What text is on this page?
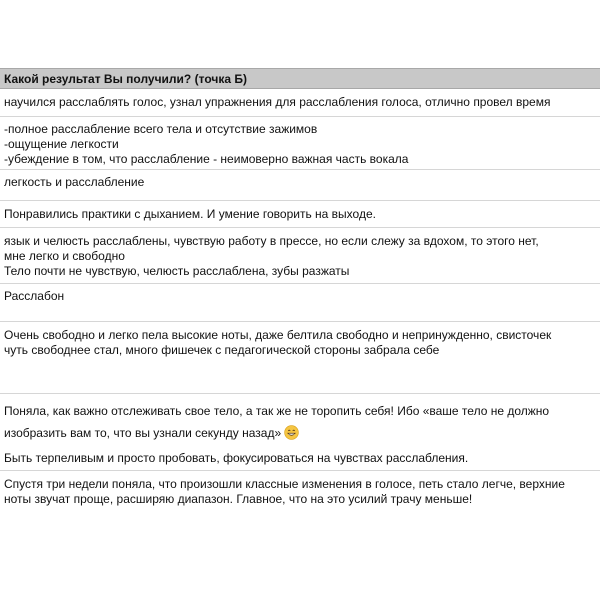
Какой результат Вы получили? (точка Б)
научился расслаблять голос, узнал упражнения для расслабления голоса, отлично провел время
-полное расслабление всего тела и отсутствие зажимов
-ощущение легкости
-убеждение в том, что расслабление - неимоверно важная часть вокала
легкость и расслабление
Понравились практики с дыханием. И умение говорить на выходе.
язык и челюсть расслаблены, чувствую работу в прессе, но если слежу за вдохом, то этого нет,
мне легко и свободно
Тело почти не чувствую, челюсть расслаблена, зубы разжаты
Расслабон
Очень свободно и легко пела высокие ноты, даже белтила свободно и непринужденно, свисточек
чуть свободнее стал, много фишечек с педагогической стороны забрала себе
Поняла, как важно отслеживать свое тело, а так же не торопить себя! Ибо «ваше тело не должно
изобразить вам то, что вы узнали секунду назад»
Быть терпеливым и просто пробовать, фокусироваться на чувствах расслабления.
Спустя три недели поняла, что произошли классные изменения в голосе, петь стало легче, верхние
ноты звучат проще, расширяю диапазон. Главное, что на это усилий трачу меньше!
